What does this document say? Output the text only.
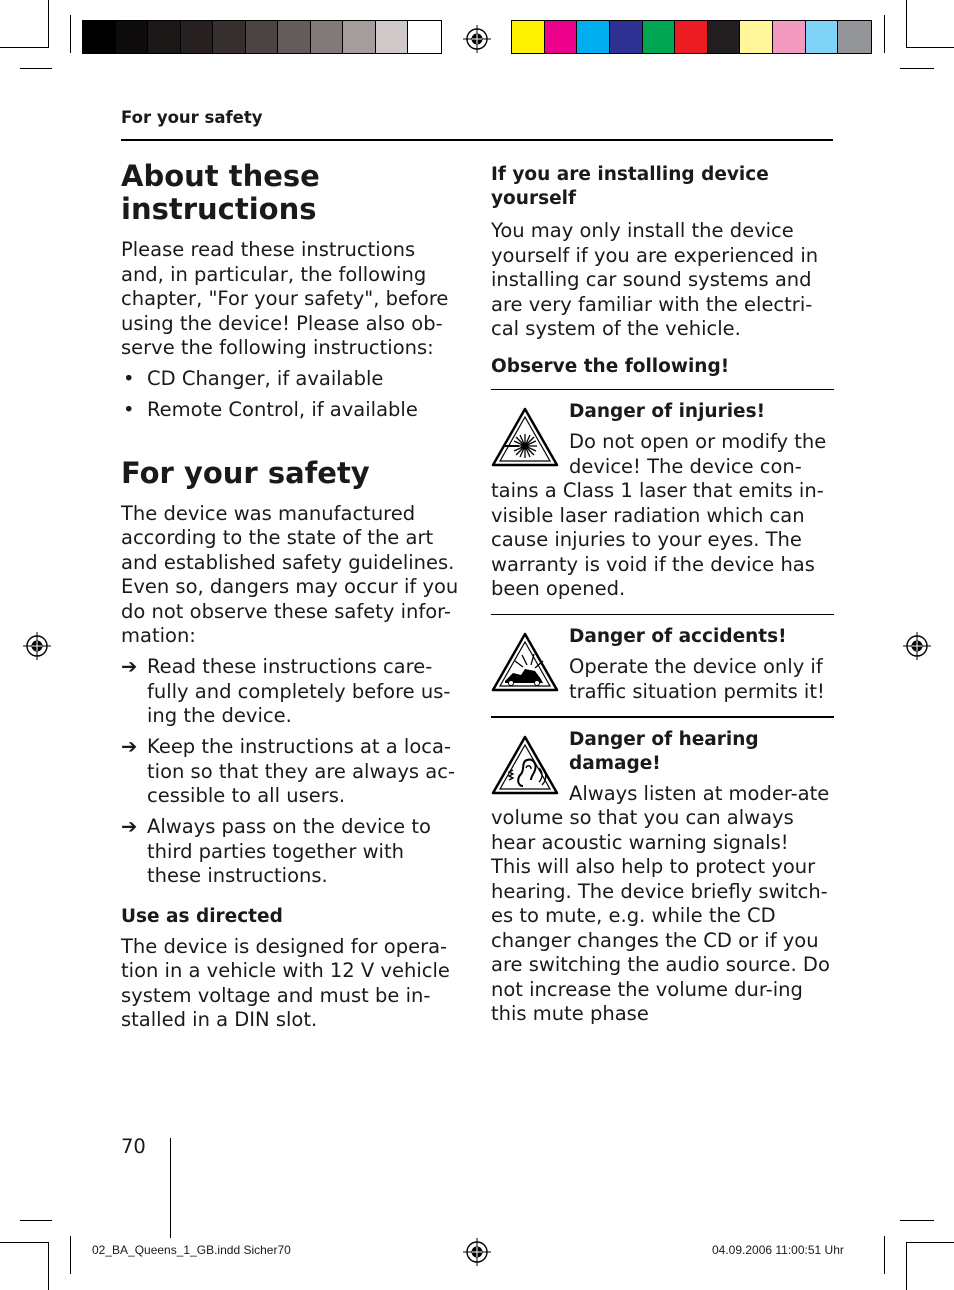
For your safety
About these
instructions

Please read these instructions and, in particular, the following chapter, "For your safety", before using the device! Please also ob-serve the following instructions:

• CD Changer, if available
• Remote Control, if available
For your safety

The device was manufactured according to the state of the art and established safety guidelines. Even so, dangers may occur if you do not observe these safety infor-mation:

➔ Read these instructions care-fully and completely before us-ing the device.
➔ Keep the instructions at a loca-tion so that they are always ac-cessible to all users.
➔ Always pass on the device to third parties together with these instructions.
Use as directed

The device is designed for opera-tion in a vehicle with 12 V vehicle system voltage and must be in-stalled in a DIN slot.

If you are installing device yourself

You may only install the device yourself if you are experienced in installing car sound systems and are very familiar with the electri-cal system of the vehicle.

Observe the following!
Danger of injuries!

Do not open or modify the device! The device con-tains a Class 1 laser that emits in-visible laser radiation which can cause injuries to your eyes. The warranty is void if the device has been opened.

Danger of accidents!

Operate the device only if traffic situation permits it!

Danger of hearing damage!

Always listen at moder-ate volume so that you can always hear acoustic warning signals! This will also help to protect your hearing. The device briefly switch-es to mute, e.g. while the CD changer changes the CD or if you are switching the audio source. Do not increase the volume dur-ing this mute phase

70
02_BA_Queens_1_GB.indd Sicher70	04.09.2006 11:00:51 Uhr
